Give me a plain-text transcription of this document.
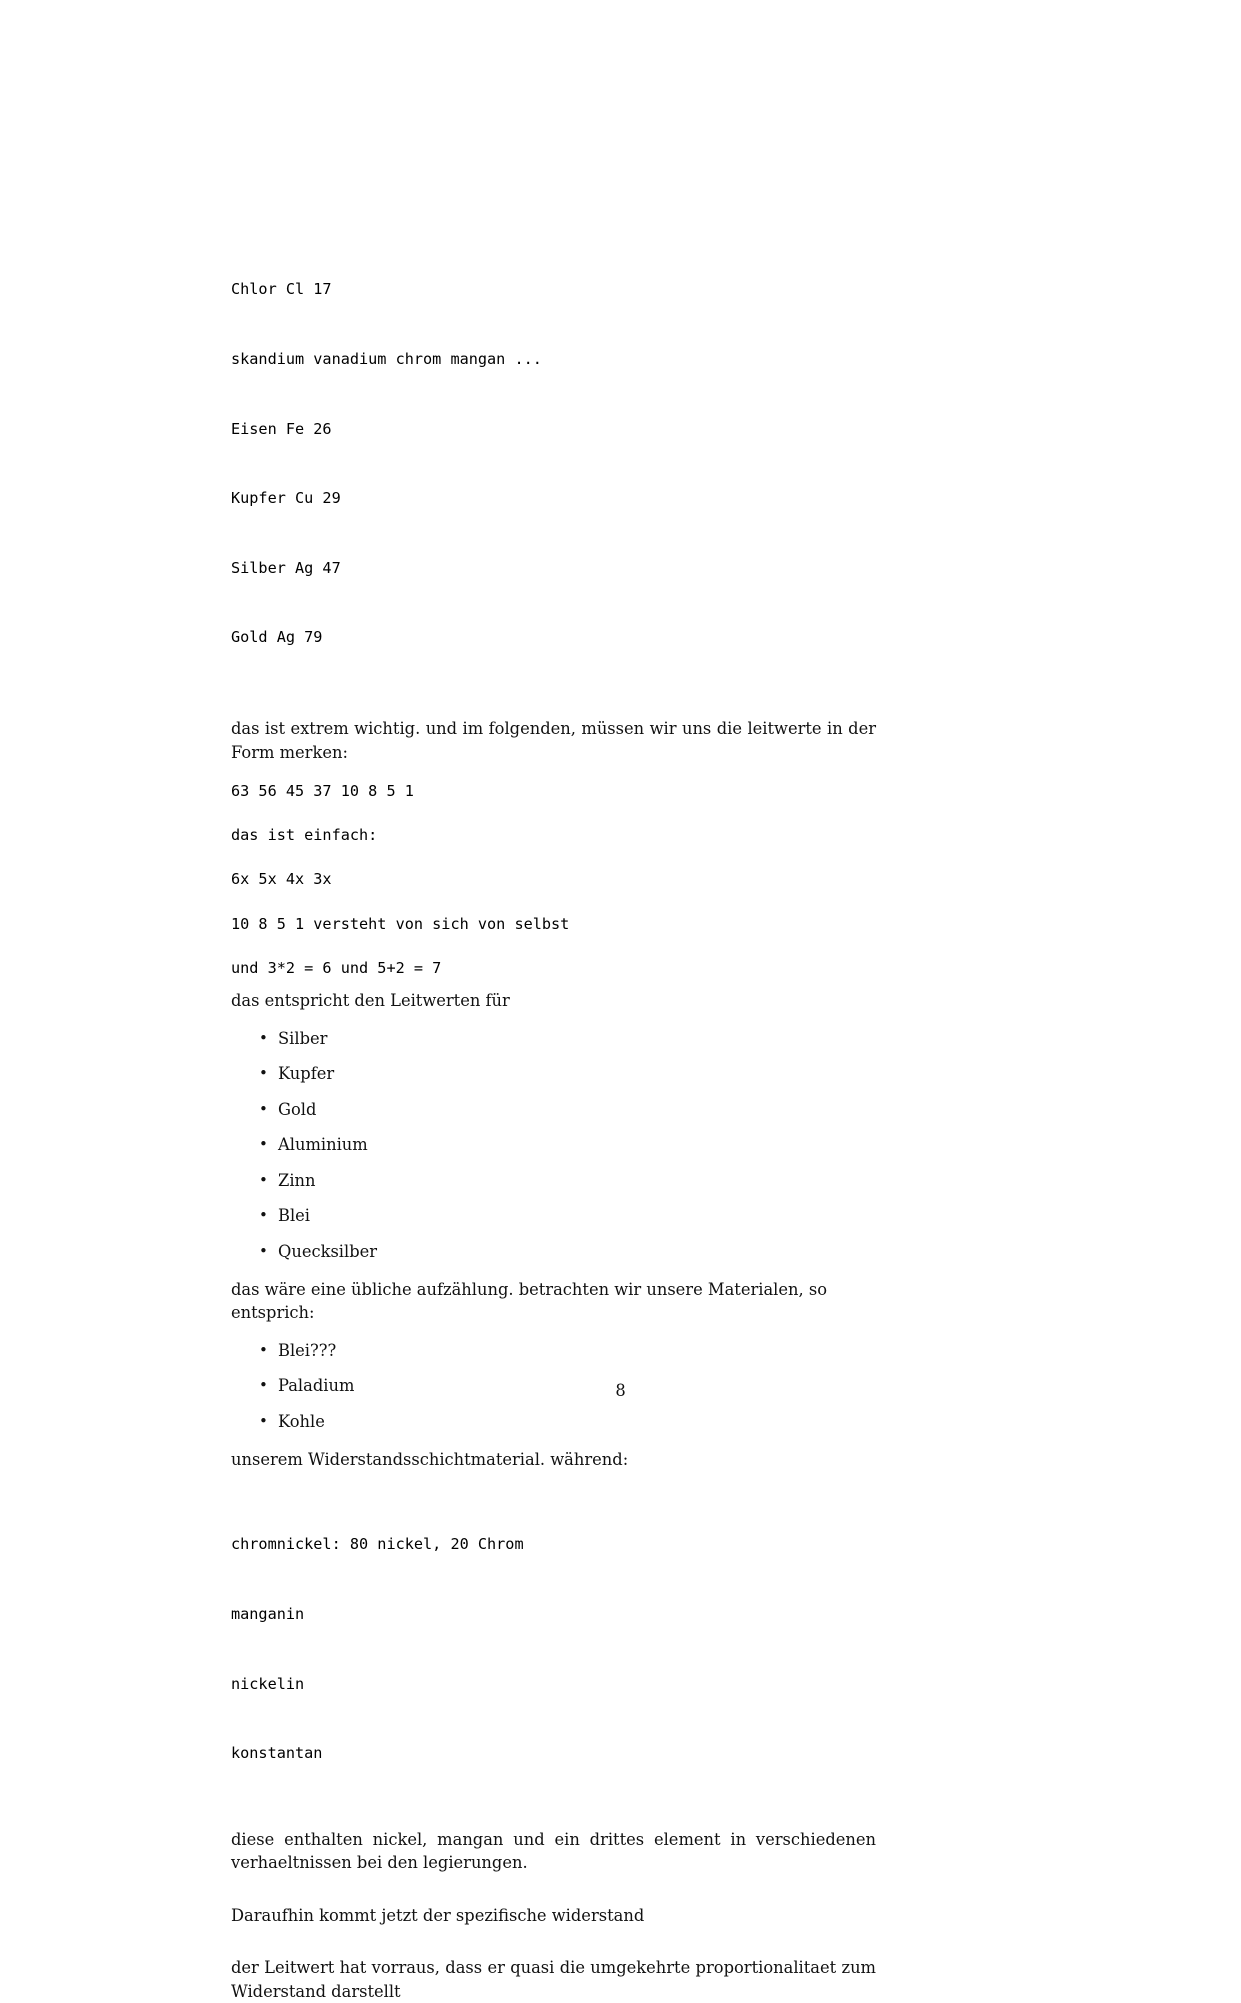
Chlor Cl 17

skandium vanadium chrom mangan ...

Eisen Fe 26

Kupfer Cu 29

Silber Ag 47

Gold Ag 79

das ist extrem wichtig. und im folgenden, müssen wir uns die leitwerte in der Form merken:

63 56 45 37 10 8 5 1
das ist einfach:
6x 5x 4x 3x
10 8 5 1 versteht von sich von selbst
und 3*2 = 6 und 5+2 = 7

das entspricht den Leitwerten für

• Silber
• Kupfer
• Gold
• Aluminium
• Zinn
• Blei
• Quecksilber

das wäre eine übliche aufzählung. betrachten wir unsere Materialen, so entsprich:

• Blei???
• Paladium
• Kohle

unserem Widerstandsschichtmaterial. während:

chromnickel: 80 nickel, 20 Chrom

manganin

nickelin

konstantan

diese enthalten nickel, mangan und ein drittes element in verschiedenen verhaeltnissen bei den legierungen.

Daraufhin kommt jetzt der spezifische widerstand

der Leitwert hat vorraus, dass er quasi die umgekehrte proportionalitaet zum Widerstand darstellt

8
